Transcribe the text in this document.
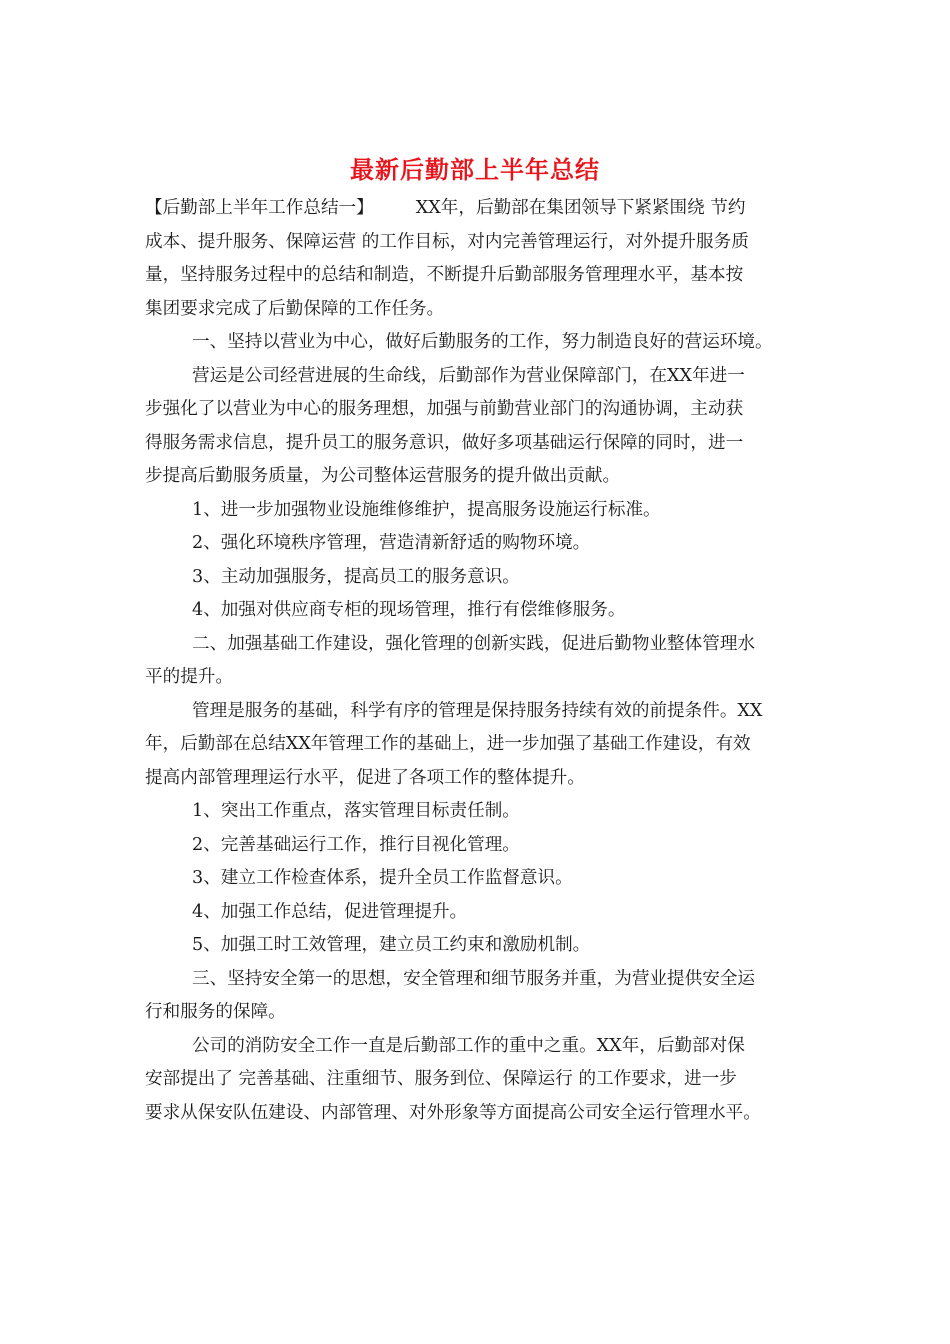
最新后勤部上半年总结
【后勤部上半年工作总结一】 XX年，后勤部在集团领导下紧紧围绕 节约
成本、提升服务、保障运营 的工作目标，对内完善管理运行，对外提升服务质
量，坚持服务过程中的总结和制造，不断提升后勤部服务管理理水平，基本按
集团要求完成了后勤保障的工作任务。
一、坚持以营业为中心，做好后勤服务的工作，努力制造良好的营运环境。
营运是公司经营进展的生命线，后勤部作为营业保障部门，在XX年进一
步强化了以营业为中心的服务理想，加强与前勤营业部门的沟通协调，主动获
得服务需求信息，提升员工的服务意识，做好多项基础运行保障的同时，进一
步提高后勤服务质量，为公司整体运营服务的提升做出贡献。
1、进一步加强物业设施维修维护，提高服务设施运行标准。
2、强化环境秩序管理，营造清新舒适的购物环境。
3、主动加强服务，提高员工的服务意识。
4、加强对供应商专柜的现场管理，推行有偿维修服务。
二、加强基础工作建设，强化管理的创新实践，促进后勤物业整体管理水
平的提升。
管理是服务的基础，科学有序的管理是保持服务持续有效的前提条件。XX
年，后勤部在总结XX年管理工作的基础上，进一步加强了基础工作建设，有效
提高内部管理理运行水平，促进了各项工作的整体提升。
1、突出工作重点，落实管理目标责任制。
2、完善基础运行工作，推行目视化管理。
3、建立工作检查体系，提升全员工作监督意识。
4、加强工作总结，促进管理提升。
5、加强工时工效管理，建立员工约束和激励机制。
三、坚持安全第一的思想，安全管理和细节服务并重，为营业提供安全运
行和服务的保障。
公司的消防安全工作一直是后勤部工作的重中之重。XX年，后勤部对保
安部提出了 完善基础、注重细节、服务到位、保障运行 的工作要求，进一步
要求从保安队伍建设、内部管理、对外形象等方面提高公司安全运行管理水平。
